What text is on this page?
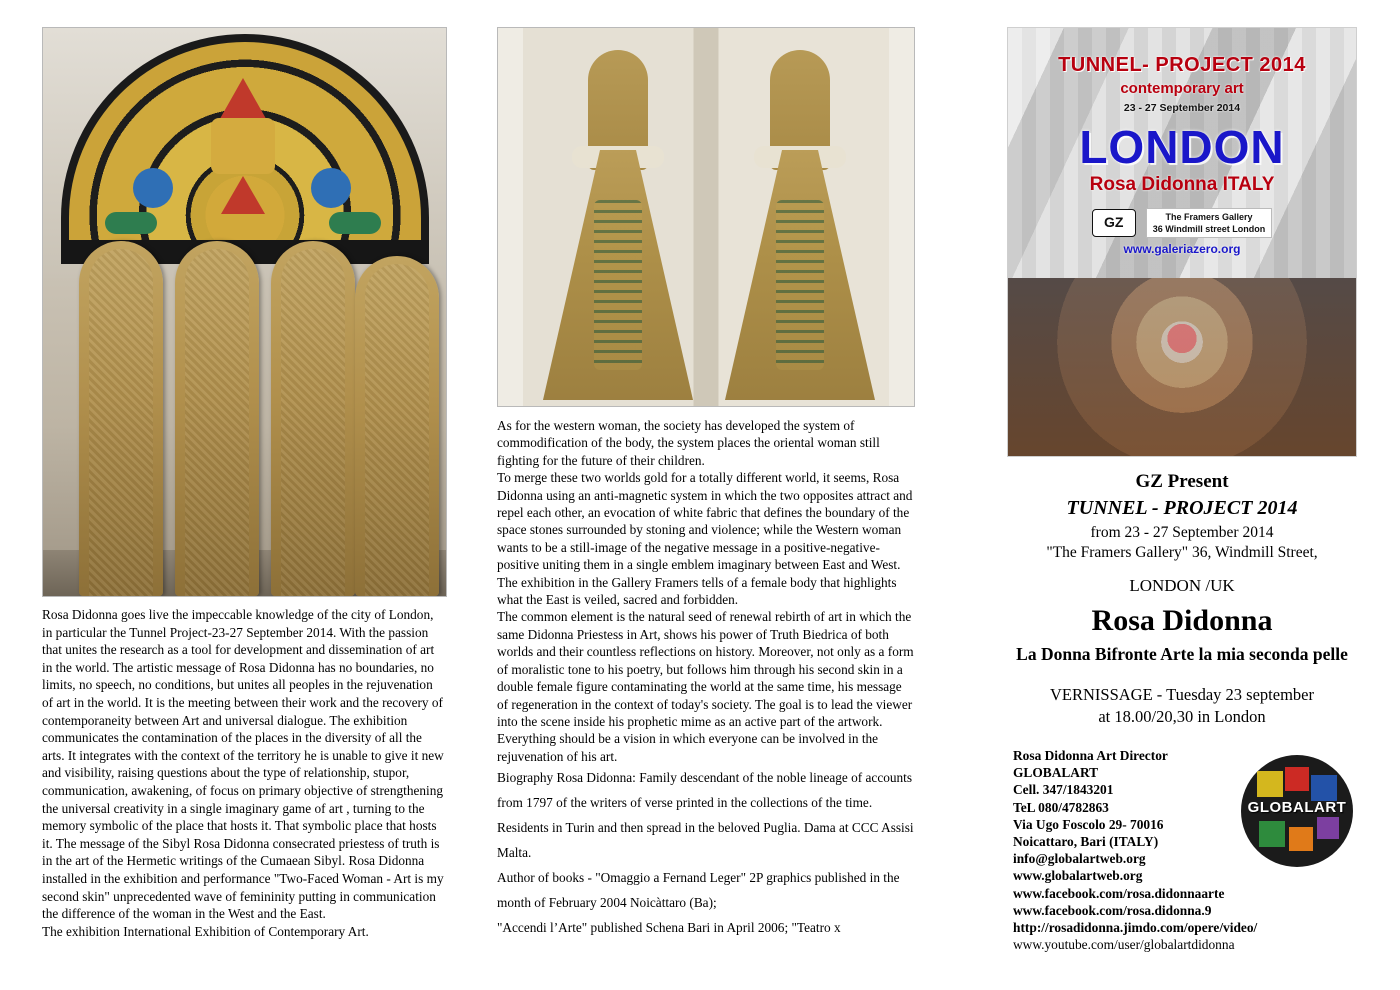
Rosa Didonna goes live the impeccable knowledge of the city of London, in particular the Tunnel Project-23-27 September 2014. With the passion that unites the research as a tool for development and dissemination of art in the world. The artistic message of Rosa Didonna has no boundaries, no limits, no speech, no conditions, but unites all peoples in the rejuvenation of art in the world. It is the meeting between their work and the recovery of contemporaneity between Art and universal dialogue. The exhibition communicates the contamination of the places in the diversity of all the arts. It integrates with the context of the territory he is unable to give it new and visibility, raising questions about the type of relationship, stupor, communication, awakening, of focus on primary objective of strengthening the universal creativity in a single imaginary game of art , turning to the memory symbolic of the place that hosts it. That symbolic place that hosts it. The message of the Sibyl Rosa Didonna consecrated priestess of truth is in the art of the Hermetic writings of the Cumaean Sibyl. Rosa Didonna installed in the exhibition and performance "Two-Faced Woman - Art is my second skin" unprecedented wave of femininity putting in communication the difference of the woman in the West and the East.

The exhibition International Exhibition of Contemporary Art.

As for the western woman, the society has developed the system of commodification of the body, the system places the oriental woman still fighting for the future of their children.

To merge these two worlds gold for a totally different world, it seems, Rosa Didonna using an anti-magnetic system in which the two opposites attract and repel each other, an evocation of white fabric that defines the boundary of the space stones surrounded by stoning and violence; while the Western woman wants to be a still-image of the negative message in a positive-negative-positive uniting them in a single emblem imaginary between East and West. The exhibition in the Gallery Framers tells of a female body that highlights what the East is veiled, sacred and forbidden.

The common element is the natural seed of renewal rebirth of art in which the same Didonna Priestess in Art, shows his power of Truth Biedrica of both worlds and their countless reflections on history. Moreover, not only as a form of moralistic tone to his poetry, but follows him through his second skin in a double female figure contaminating the world at the same time, his message of regeneration in the context of today's society. The goal is to lead the viewer into the scene inside his prophetic mime as an active part of the artwork. Everything should be a vision in which everyone can be involved in the rejuvenation of his art.

Biography Rosa Didonna: Family descendant of the noble lineage of accounts from 1797 of the writers of verse printed in the collections of the time. Residents in Turin and then spread in the beloved Puglia. Dama at CCC Assisi Malta.

Author of books - "Omaggio a Fernand Leger" 2P graphics published in the month of February 2004 Noicàttaro (Ba);

"Accendi l’Arte" published Schena Bari in April 2006; "Teatro x

TUNNEL- PROJECT 2014
contemporary art
23 - 27 September 2014
LONDON
Rosa Didonna ITALY
GZ	The Framers Gallery
36 Windmill street London
www.galeriazero.org
GZ Present
TUNNEL - PROJECT 2014
from 23 - 27 September 2014
"The Framers Gallery" 36, Windmill Street,
LONDON /UK
Rosa Didonna
La Donna Bifronte Arte la mia seconda pelle
VERNISSAGE - Tuesday 23 september
at 18.00/20,30 in London
Rosa Didonna Art Director
GLOBALART
Cell. 347/1843201
TeL 080/4782863
Via Ugo Foscolo 29- 70016
Noicattaro, Bari (ITALY)
info@globalartweb.org
www.globalartweb.org
www.facebook.com/rosa.didonnaarte
www.facebook.com/rosa.didonna.9
http://rosadidonna.jimdo.com/opere/video/
www.youtube.com/user/globalartdidonna
GLOBALART
